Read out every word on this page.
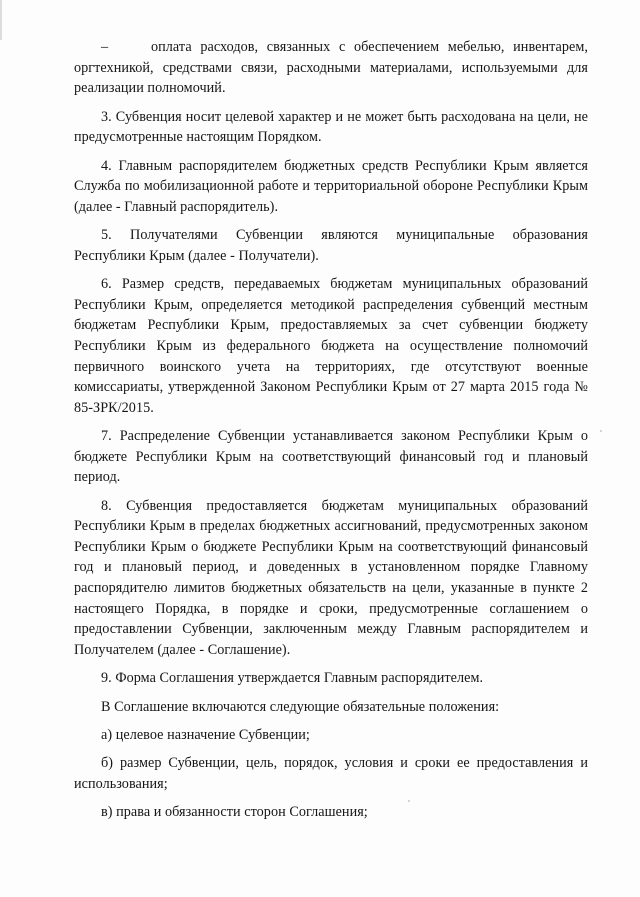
–	оплата расходов, связанных с обеспечением мебелью, инвентарем, оргтехникой, средствами связи, расходными материалами, используемыми для реализации полномочий.

3. Субвенция носит целевой характер и не может быть расходована на цели, не предусмотренные настоящим Порядком.

4. Главным распорядителем бюджетных средств Республики Крым является Служба по мобилизационной работе и территориальной обороне Республики Крым (далее - Главный распорядитель).

5. Получателями Субвенции являются муниципальные образования Республики Крым (далее - Получатели).

6. Размер средств, передаваемых бюджетам муниципальных образований Республики Крым, определяется методикой распределения субвенций местным бюджетам Республики Крым, предоставляемых за счет субвенции бюджету Республики Крым из федерального бюджета на осуществление полномочий первичного воинского учета на территориях, где отсутствуют военные комиссариаты, утвержденной Законом Республики Крым от 27 марта 2015 года № 85-ЗРК/2015.

7. Распределение Субвенции устанавливается законом Республики Крым о бюджете Республики Крым на соответствующий финансовый год и плановый период.

8. Субвенция предоставляется бюджетам муниципальных образований Республики Крым в пределах бюджетных ассигнований, предусмотренных законом Республики Крым о бюджете Республики Крым на соответствующий финансовый год и плановый период, и доведенных в установленном порядке Главному распорядителю лимитов бюджетных обязательств на цели, указанные в пункте 2 настоящего Порядка, в порядке и сроки, предусмотренные соглашением о предоставлении Субвенции, заключенным между Главным распорядителем и Получателем (далее - Соглашение).

9. Форма Соглашения утверждается Главным распорядителем.

В Соглашение включаются следующие обязательные положения:

а) целевое назначение Субвенции;

б) размер Субвенции, цель, порядок, условия и сроки ее предоставления и использования;

в) права и обязанности сторон Соглашения;
